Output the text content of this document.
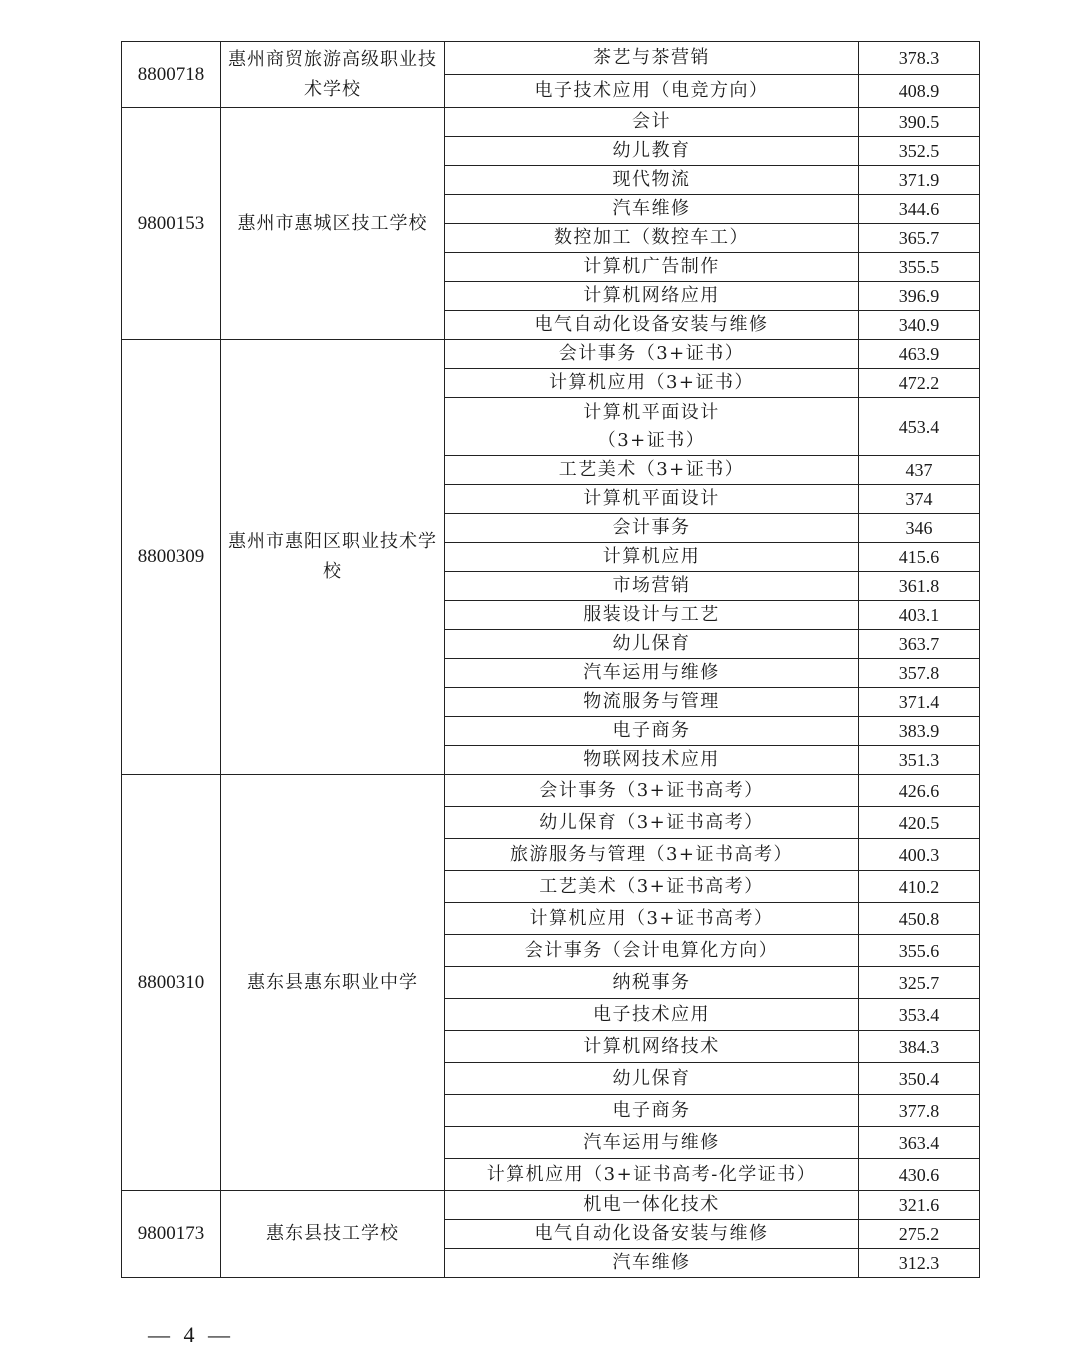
8800718	惠州商贸旅游高级职业技术学校	茶艺与茶营销	378.3
		电子技术应用（电竞方向）	408.9
9800153	惠州市惠城区技工学校	会计	390.5
		幼儿教育	352.5
		现代物流	371.9
		汽车维修	344.6
		数控加工（数控车工）	365.7
		计算机广告制作	355.5
		计算机网络应用	396.9
		电气自动化设备安装与维修	340.9
8800309	惠州市惠阳区职业技术学校	会计事务（3+证书）	463.9
		计算机应用（3+证书）	472.2
		计算机平面设计（3+证书）	453.4
		工艺美术（3+证书）	437
		计算机平面设计	374
		会计事务	346
		计算机应用	415.6
		市场营销	361.8
		服装设计与工艺	403.1
		幼儿保育	363.7
		汽车运用与维修	357.8
		物流服务与管理	371.4
		电子商务	383.9
		物联网技术应用	351.3
8800310	惠东县惠东职业中学	会计事务（3+证书高考）	426.6
		幼儿保育（3+证书高考）	420.5
		旅游服务与管理（3+证书高考）	400.3
		工艺美术（3+证书高考）	410.2
		计算机应用（3+证书高考）	450.8
		会计事务（会计电算化方向）	355.6
		纳税事务	325.7
		电子技术应用	353.4
		计算机网络技术	384.3
		幼儿保育	350.4
		电子商务	377.8
		汽车运用与维修	363.4
		计算机应用（3+证书高考-化学证书）	430.6
9800173	惠东县技工学校	机电一体化技术	321.6
		电气自动化设备安装与维修	275.2
		汽车维修	312.3
— 4 —
